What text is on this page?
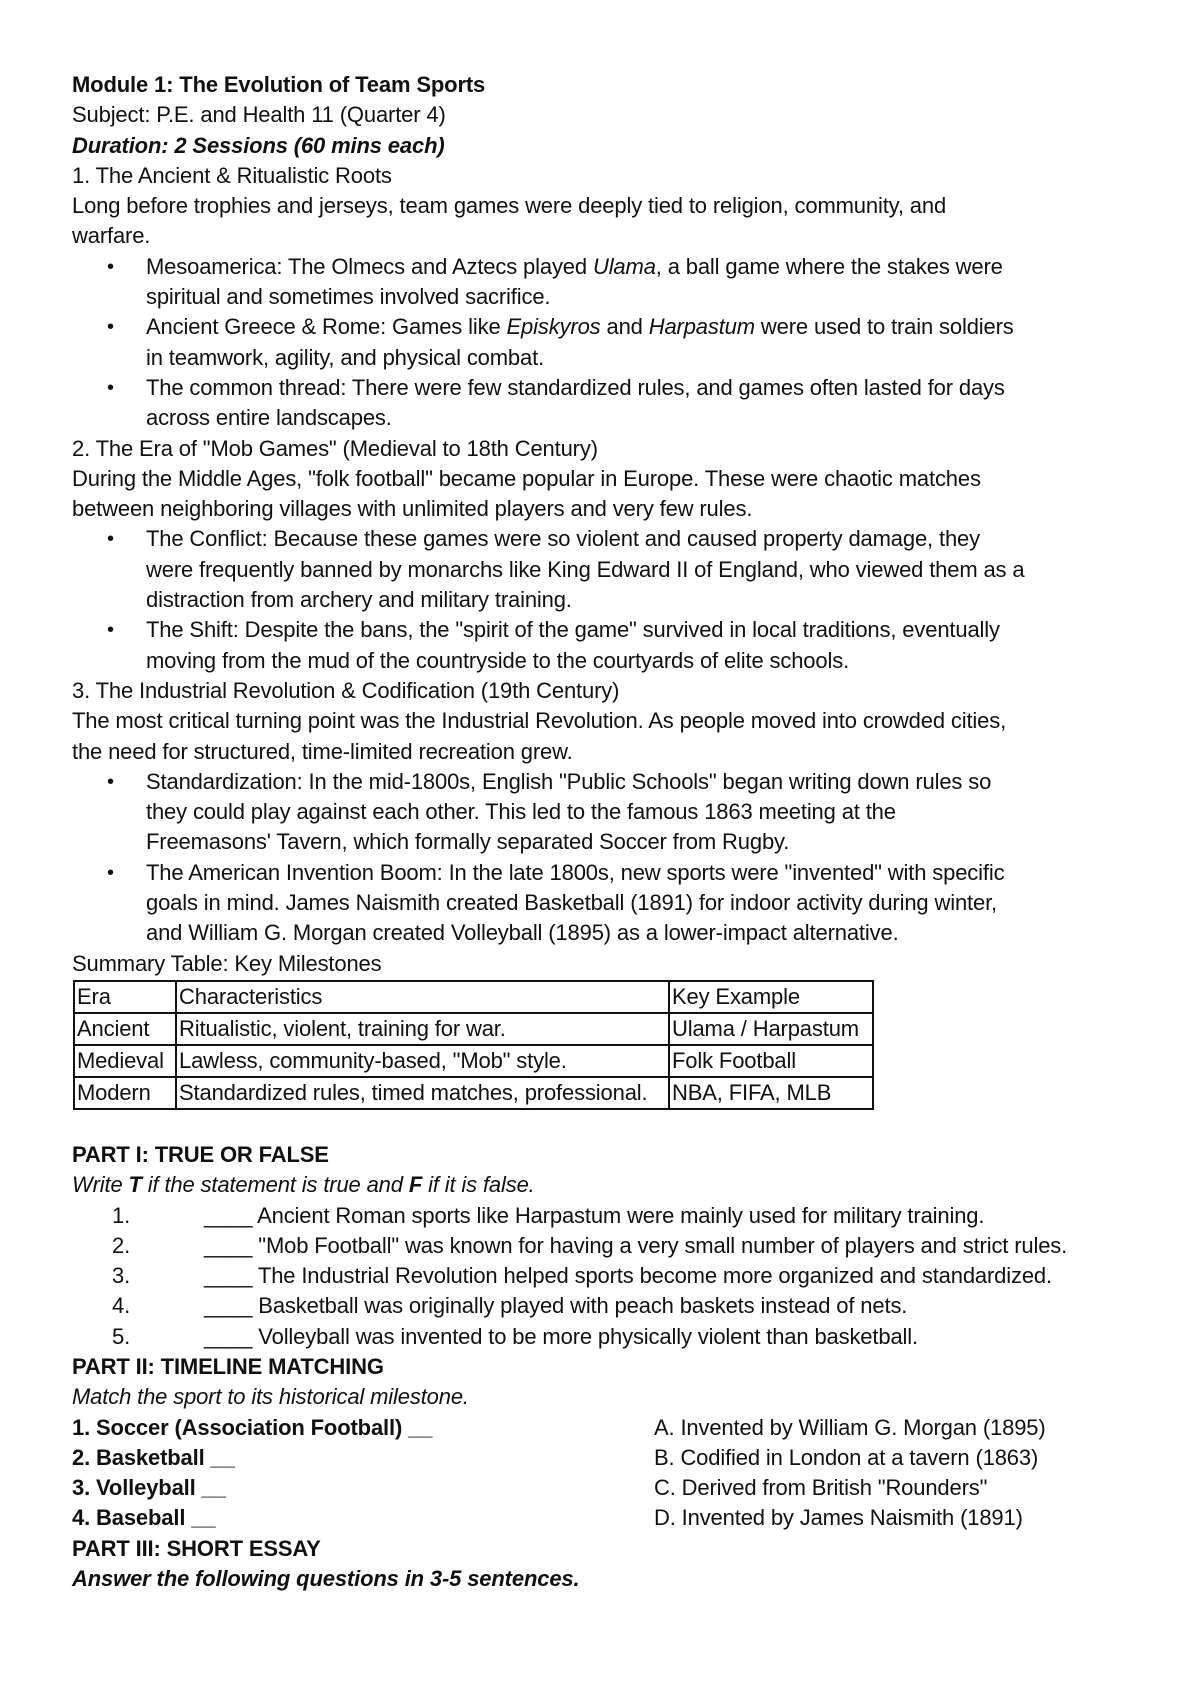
Module 1: The Evolution of Team Sports
Subject: P.E. and Health 11 (Quarter 4)
Duration: 2 Sessions (60 mins each)
1. The Ancient & Ritualistic Roots
Long before trophies and jerseys, team games were deeply tied to religion, community, and
warfare.
• Mesoamerica: The Olmecs and Aztecs played Ulama, a ball game where the stakes were
spiritual and sometimes involved sacrifice.
• Ancient Greece & Rome: Games like Episkyros and Harpastum were used to train soldiers
in teamwork, agility, and physical combat.
• The common thread: There were few standardized rules, and games often lasted for days
across entire landscapes.
2. The Era of "Mob Games" (Medieval to 18th Century)
During the Middle Ages, "folk football" became popular in Europe. These were chaotic matches
between neighboring villages with unlimited players and very few rules.
• The Conflict: Because these games were so violent and caused property damage, they
were frequently banned by monarchs like King Edward II of England, who viewed them as a
distraction from archery and military training.
• The Shift: Despite the bans, the "spirit of the game" survived in local traditions, eventually
moving from the mud of the countryside to the courtyards of elite schools.
3. The Industrial Revolution & Codification (19th Century)
The most critical turning point was the Industrial Revolution. As people moved into crowded cities,
the need for structured, time-limited recreation grew.
• Standardization: In the mid-1800s, English "Public Schools" began writing down rules so
they could play against each other. This led to the famous 1863 meeting at the
Freemasons' Tavern, which formally separated Soccer from Rugby.
• The American Invention Boom: In the late 1800s, new sports were "invented" with specific
goals in mind. James Naismith created Basketball (1891) for indoor activity during winter,
and William G. Morgan created Volleyball (1895) as a lower-impact alternative.
Summary Table: Key Milestones
Era	Characteristics	Key Example
Ancient	Ritualistic, violent, training for war.	Ulama / Harpastum
Medieval	Lawless, community-based, "Mob" style.	Folk Football
Modern	Standardized rules, timed matches, professional.	NBA, FIFA, MLB
PART I: TRUE OR FALSE
Write T if the statement is true and F if it is false.
1.	____ Ancient Roman sports like Harpastum were mainly used for military training.
2.	____ "Mob Football" was known for having a very small number of players and strict rules.
3.	____ The Industrial Revolution helped sports become more organized and standardized.
4.	____ Basketball was originally played with peach baskets instead of nets.
5.	____ Volleyball was invented to be more physically violent than basketball.
PART II: TIMELINE MATCHING
Match the sport to its historical milestone.
1. Soccer (Association Football) __	A. Invented by William G. Morgan (1895)
2. Basketball __	B. Codified in London at a tavern (1863)
3. Volleyball __	C. Derived from British "Rounders"
4. Baseball __	D. Invented by James Naismith (1891)
PART III: SHORT ESSAY
Answer the following questions in 3-5 sentences.
